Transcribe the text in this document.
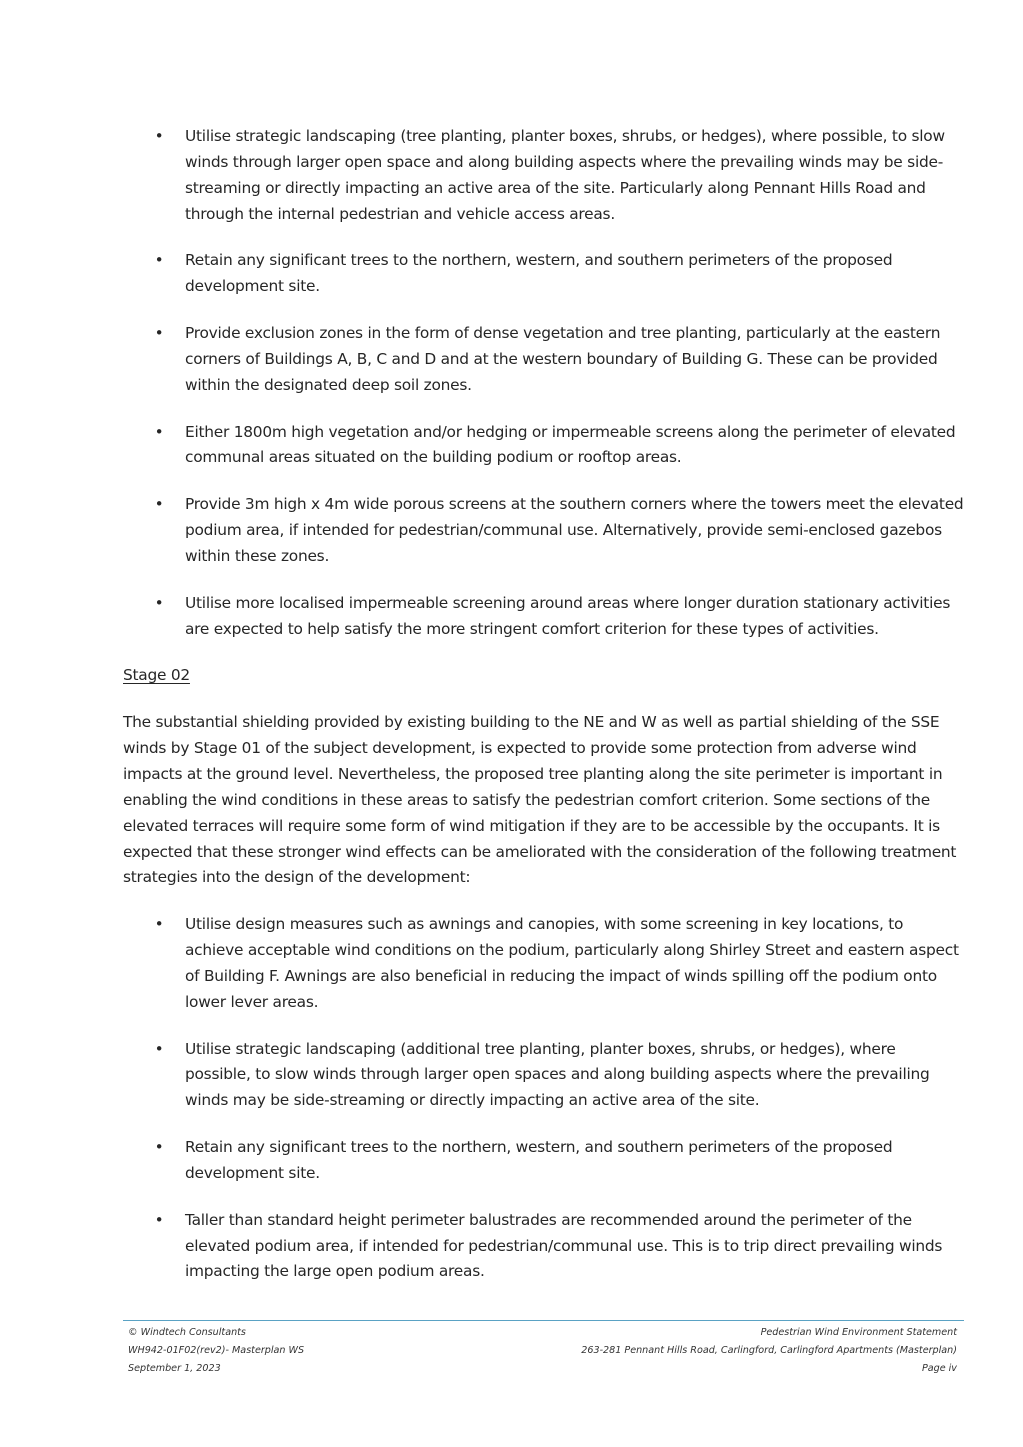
• Utilise strategic landscaping (tree planting, planter boxes, shrubs, or hedges), where possible, to slow winds through larger open space and along building aspects where the prevailing winds may be side-streaming or directly impacting an active area of the site. Particularly along Pennant Hills Road and through the internal pedestrian and vehicle access areas.
• Retain any significant trees to the northern, western, and southern perimeters of the proposed development site.
• Provide exclusion zones in the form of dense vegetation and tree planting, particularly at the eastern corners of Buildings A, B, C and D and at the western boundary of Building G. These can be provided within the designated deep soil zones.
• Either 1800m high vegetation and/or hedging or impermeable screens along the perimeter of elevated communal areas situated on the building podium or rooftop areas.
• Provide 3m high x 4m wide porous screens at the southern corners where the towers meet the elevated podium area, if intended for pedestrian/communal use. Alternatively, provide semi-enclosed gazebos within these zones.
• Utilise more localised impermeable screening around areas where longer duration stationary activities are expected to help satisfy the more stringent comfort criterion for these types of activities.
Stage 02

The substantial shielding provided by existing building to the NE and W as well as partial shielding of the SSE winds by Stage 01 of the subject development, is expected to provide some protection from adverse wind impacts at the ground level. Nevertheless, the proposed tree planting along the site perimeter is important in enabling the wind conditions in these areas to satisfy the pedestrian comfort criterion. Some sections of the elevated terraces will require some form of wind mitigation if they are to be accessible by the occupants. It is expected that these stronger wind effects can be ameliorated with the consideration of the following treatment strategies into the design of the development:

• Utilise design measures such as awnings and canopies, with some screening in key locations, to achieve acceptable wind conditions on the podium, particularly along Shirley Street and eastern aspect of Building F. Awnings are also beneficial in reducing the impact of winds spilling off the podium onto lower lever areas.
• Utilise strategic landscaping (additional tree planting, planter boxes, shrubs, or hedges), where possible, to slow winds through larger open spaces and along building aspects where the prevailing winds may be side-streaming or directly impacting an active area of the site.
• Retain any significant trees to the northern, western, and southern perimeters of the proposed development site.
• Taller than standard height perimeter balustrades are recommended around the perimeter of the elevated podium area, if intended for pedestrian/communal use. This is to trip direct prevailing winds impacting the large open podium areas.
© Windtech Consultants
WH942-01F02(rev2)- Masterplan WS
September 1, 2023
Pedestrian Wind Environment Statement
263-281 Pennant Hills Road, Carlingford, Carlingford Apartments (Masterplan)
Page iv
